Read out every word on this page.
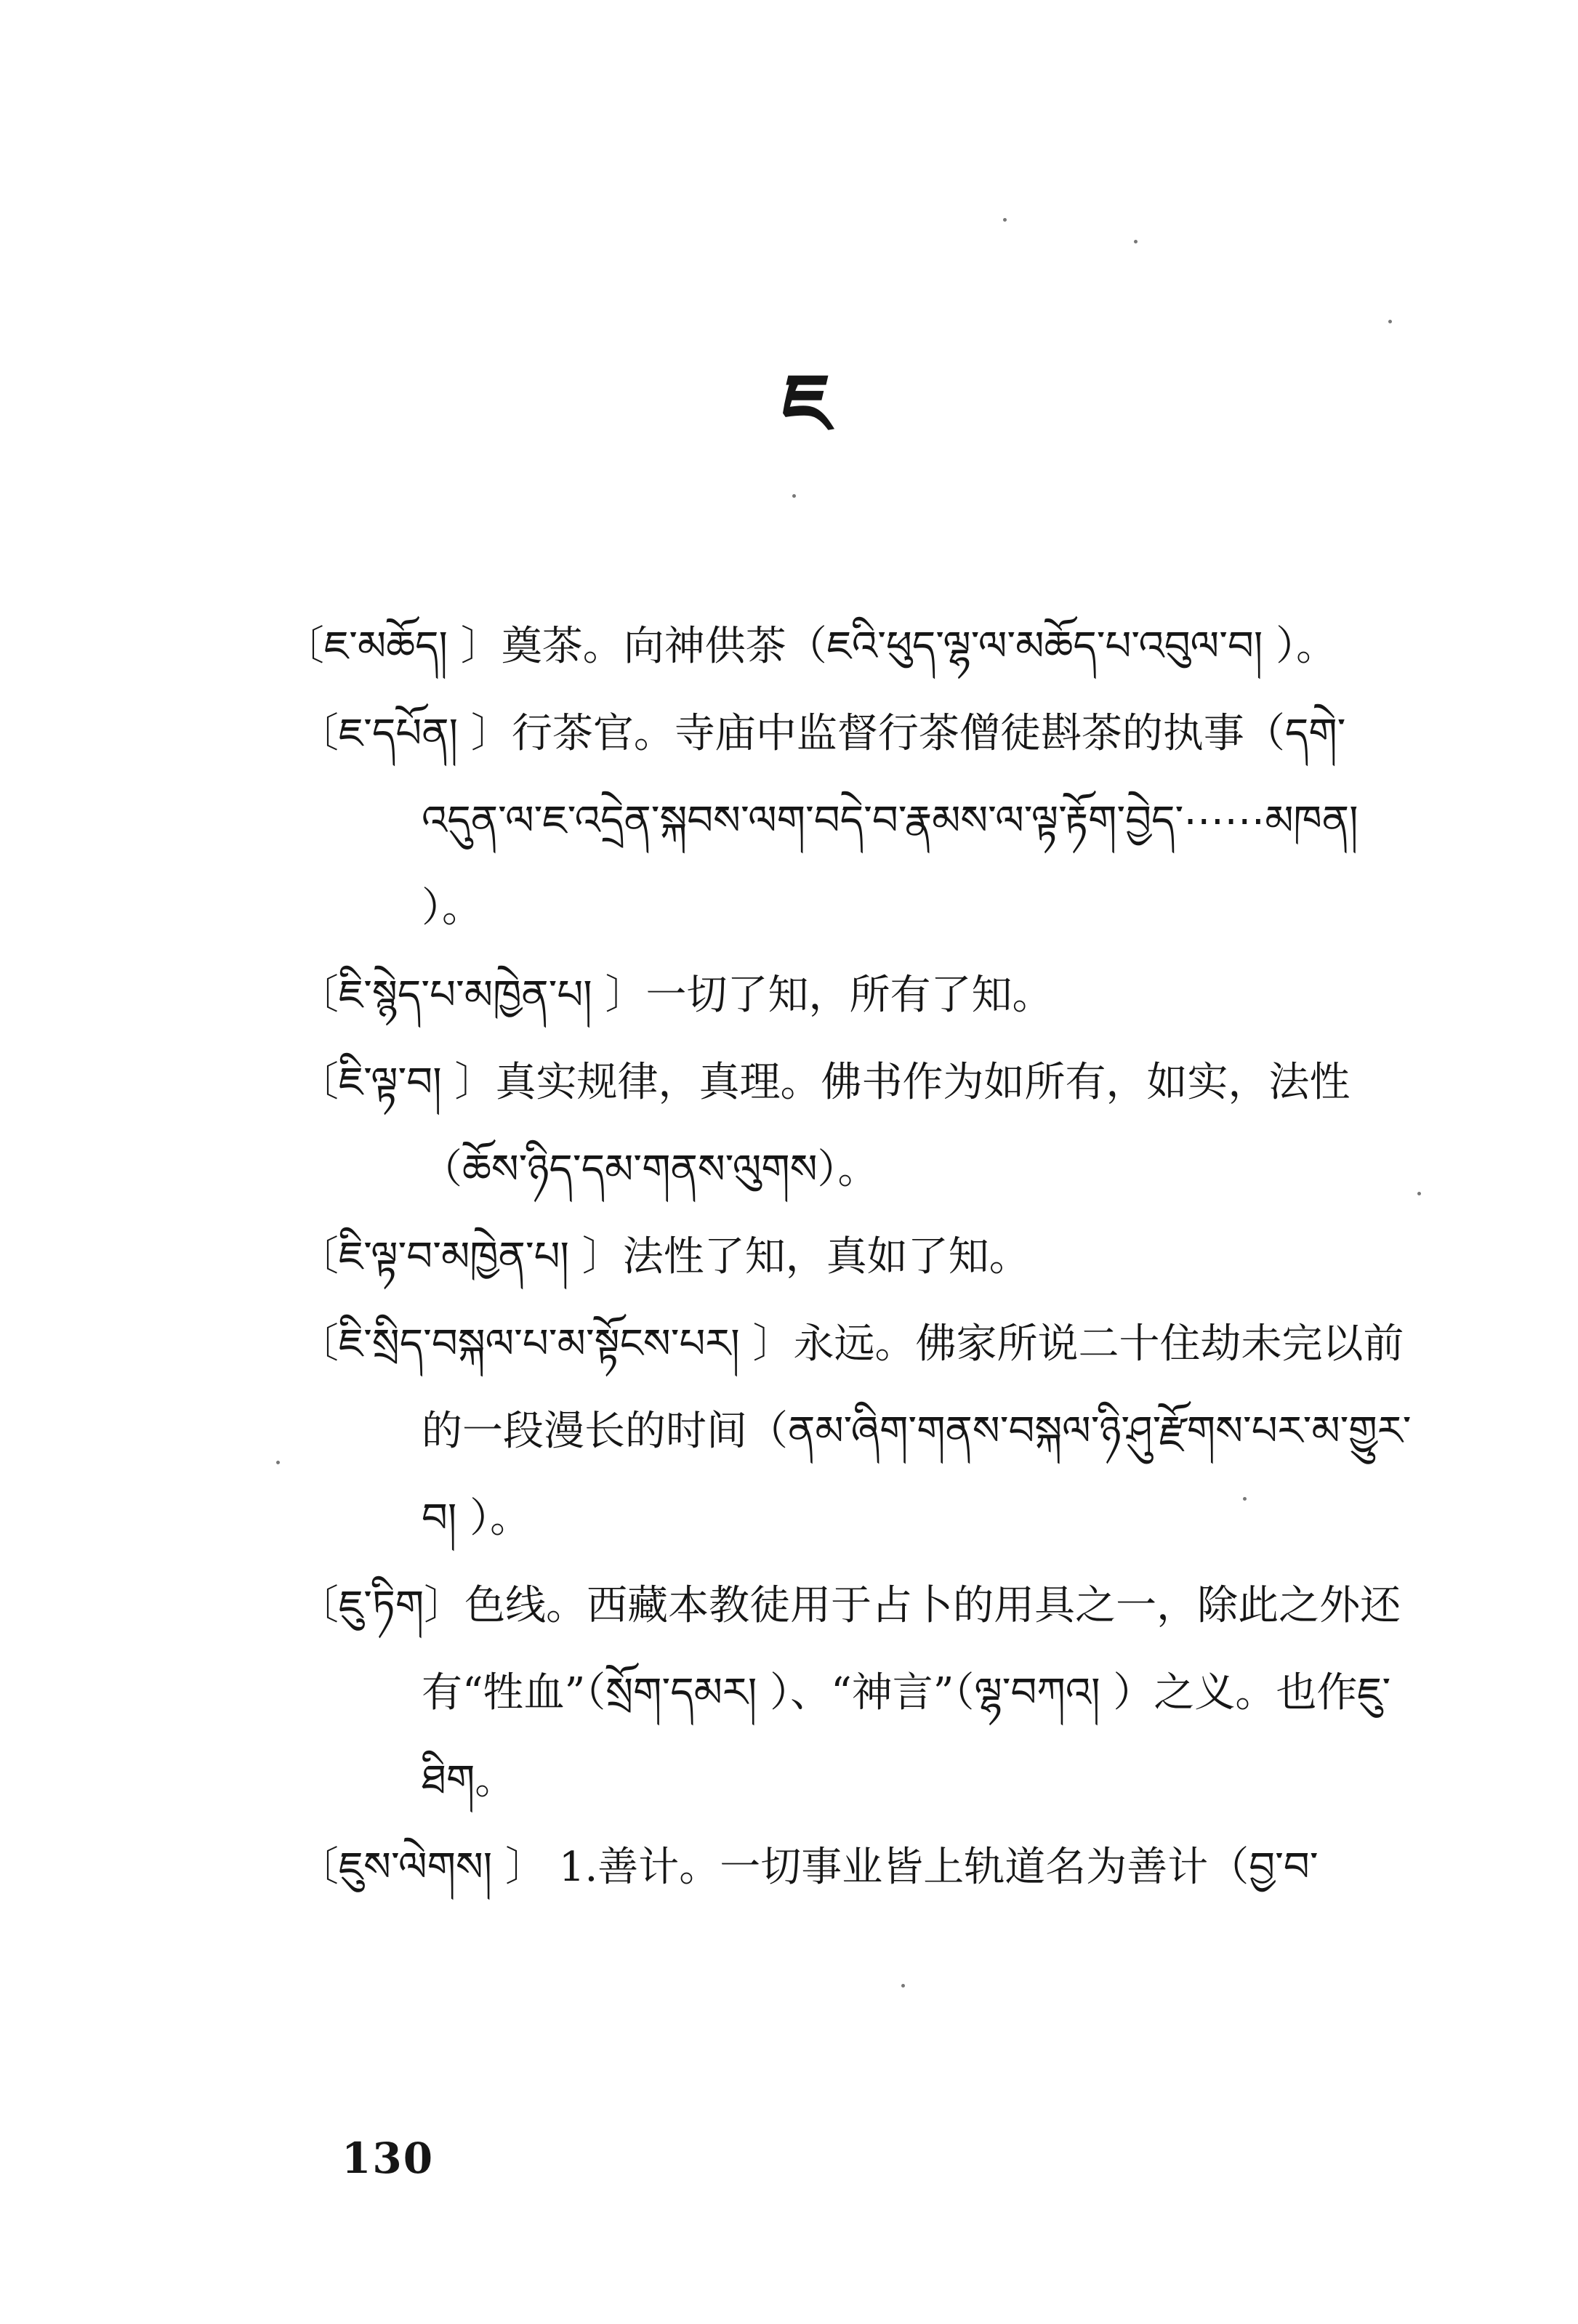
ཇ

〔ཇ་མཆོད། 〕奠茶。向神供茶（ཇའི་ཕུད་ལྷ་ལ་མཆོད་པ་འབུལ་བ། ）。

〔ཇ་དཔོན། 〕行茶官。寺庙中监督行茶僧徒斟茶的执事（དགེ་འདུན་ལ་ཇ་འདྲེན་སྐབས་ལག་བདེ་བ་རྣམས་ལ་ལྟ་རྟོག་བྱེད་⋯⋯མཁན། ）。

〔ཇི་སྙེད་པ་མཁྱེན་པ། 〕一切了知，所有了知。

〔ཇི་ལྟ་བ། 〕真实规律，真理。佛书作为如所有，如实，法性（ཆོས་ཉིད་དམ་གནས་ལུགས）。

〔ཇི་ལྟ་བ་མཁྱེན་པ། 〕法性了知，真如了知。

〔ཇི་སྲིད་བསྐལ་པ་མ་སྟོངས་པར། 〕永远。佛家所说二十住劫未完以前的一段漫长的时间（ནམ་ཞིག་གནས་བསྐལ་ཉི་ཤུ་རྫོགས་པར་མ་གྱུར་བ། ）。

〔ཇུ་ཏིག〕色线。西藏本教徒用于占卜的用具之一，除此之外还有“牲血”（སྲོག་དམར། ）、“神言”（ལྷ་བཀའ། ）之义。也作ཇུ་ཐིག。

〔ཇུས་ལེགས། 〕 1.善计。一切事业皆上轨道名为善计（བྱ་བ་

130
